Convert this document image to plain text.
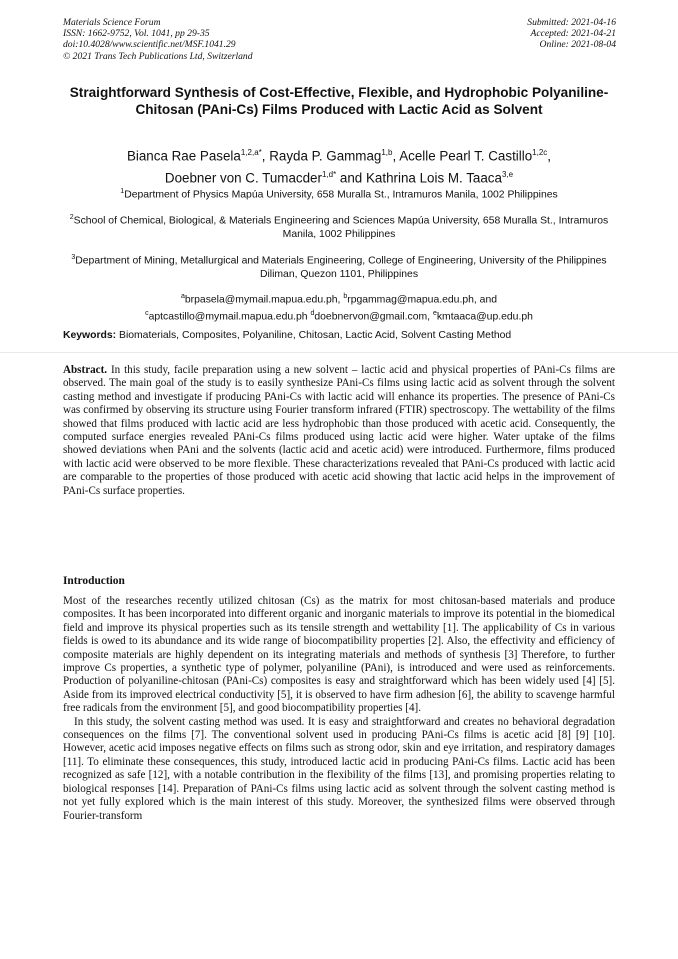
Materials Science Forum
ISSN: 1662-9752, Vol. 1041, pp 29-35
doi:10.4028/www.scientific.net/MSF.1041.29
© 2021 Trans Tech Publications Ltd, Switzerland
Submitted: 2021-04-16
Accepted: 2021-04-21
Online: 2021-08-04
Straightforward Synthesis of Cost-Effective, Flexible, and Hydrophobic Polyaniline-Chitosan (PAni-Cs) Films Produced with Lactic Acid as Solvent
Bianca Rae Pasela$^{1,2,a*}$, Rayda P. Gammag$^{1,b}$, Acelle Pearl T. Castillo$^{1,2c}$,
Doebner von C. Tumacder$^{1,d*}$ and Kathrina Lois M. Taaca$^{3,e}$
$^1$Department of Physics Mapúa University, 658 Muralla St., Intramuros Manila, 1002 Philippines
$^2$School of Chemical, Biological, & Materials Engineering and Sciences Mapúa University, 658 Muralla St., Intramuros Manila, 1002 Philippines
$^3$Department of Mining, Metallurgical and Materials Engineering, College of Engineering, University of the Philippines Diliman, Quezon 1101, Philippines
$^a$brpasela@mymail.mapua.edu.ph, $^b$rpgammag@mapua.edu.ph, and
$^c$aptcastillo@mymail.mapua.edu.ph $^d$doebnervon@gmail.com, $^e$kmtaaca@up.edu.ph
Keywords: Biomaterials, Composites, Polyaniline, Chitosan, Lactic Acid, Solvent Casting Method
Abstract. In this study, facile preparation using a new solvent – lactic acid and physical properties of PAni-Cs films are observed. The main goal of the study is to easily synthesize PAni-Cs films using lactic acid as solvent through the solvent casting method and investigate if producing PAni-Cs with lactic acid will enhance its properties. The presence of PAni-Cs was confirmed by observing its structure using Fourier transform infrared (FTIR) spectroscopy. The wettability of the films showed that films produced with lactic acid are less hydrophobic than those produced with acetic acid. Consequently, the computed surface energies revealed PAni-Cs films produced using lactic acid were higher. Water uptake of the films showed deviations when PAni and the solvents (lactic acid and acetic acid) were introduced. Furthermore, films produced with lactic acid were observed to be more flexible. These characterizations revealed that PAni-Cs produced with lactic acid are comparable to the properties of those produced with acetic acid showing that lactic acid helps in the improvement of PAni-Cs surface properties.
Introduction

Most of the researches recently utilized chitosan (Cs) as the matrix for most chitosan-based materials and produce composites. It has been incorporated into different organic and inorganic materials to improve its potential in the biomedical field and improve its physical properties such as its tensile strength and wettability [1]. The applicability of Cs in various fields is owed to its abundance and its wide range of biocompatibility properties [2]. Also, the effectivity and efficiency of composite materials are highly dependent on its integrating materials and methods of synthesis [3] Therefore, to further improve Cs properties, a synthetic type of polymer, polyaniline (PAni), is introduced and were used as reinforcements. Production of polyaniline-chitosan (PAni-Cs) composites is easy and straightforward which has been widely used [4] [5]. Aside from its improved electrical conductivity [5], it is observed to have firm adhesion [6], the ability to scavenge harmful free radicals from the environment [5], and good biocompatibility properties [4].

In this study, the solvent casting method was used. It is easy and straightforward and creates no behavioral degradation consequences on the films [7]. The conventional solvent used in producing PAni-Cs films is acetic acid [8] [9] [10]. However, acetic acid imposes negative effects on films such as strong odor, skin and eye irritation, and respiratory damages [11]. To eliminate these consequences, this study, introduced lactic acid in producing PAni-Cs films. Lactic acid has been recognized as safe [12], with a notable contribution in the flexibility of the films [13], and promising properties relating to biological responses [14]. Preparation of PAni-Cs films using lactic acid as solvent through the solvent casting method is not yet fully explored which is the main interest of this study. Moreover, the synthesized films were observed through Fourier-transform
